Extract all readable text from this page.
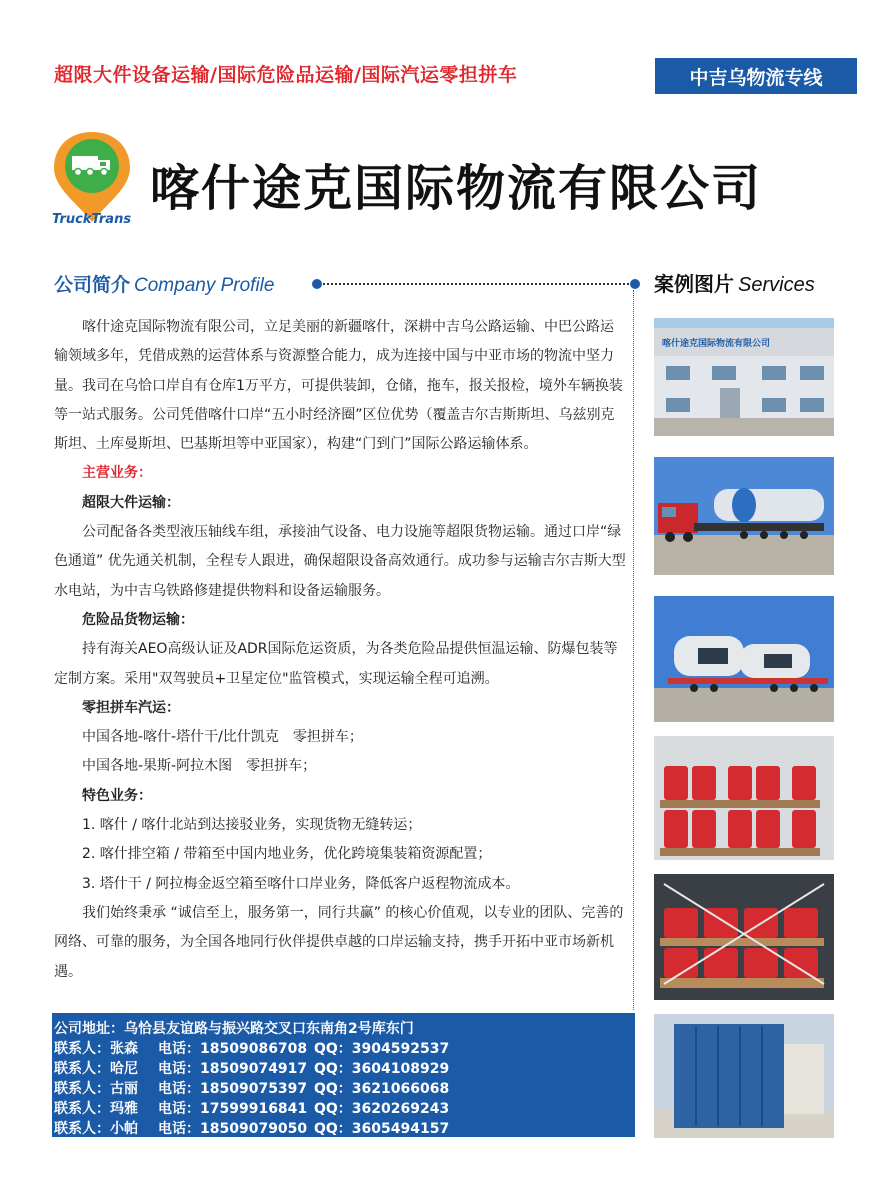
超限大件设备运输/国际危险品运输/国际汽运零担拼车	中吉乌物流专线
TruckTrans
喀什途克国际物流有限公司
公司简介 Company Profile	案例图片 Services

喀什途克国际物流有限公司，立足美丽的新疆喀什，深耕中吉乌公路运输、中巴公路运输领域多年，凭借成熟的运营体系与资源整合能力，成为连接中国与中亚市场的物流中坚力量。我司在乌恰口岸自有仓库1万平方，可提供装卸，仓储，拖车，报关报检，境外车辆换装等一站式服务。公司凭借喀什口岸“五小时经济圈”区位优势（覆盖吉尔吉斯斯坦、乌兹别克斯坦、土库曼斯坦、巴基斯坦等中亚国家），构建“门到门”国际公路运输体系。

主营业务：

超限大件运输：

公司配备各类型液压轴线车组，承接油气设备、电力设施等超限货物运输。通过口岸“绿色通道” 优先通关机制，全程专人跟进，确保超限设备高效通行。成功参与运输吉尔吉斯大型水电站，为中吉乌铁路修建提供物料和设备运输服务。

危险品货物运输：

持有海关AEO高级认证及ADR国际危运资质，为各类危险品提供恒温运输、防爆包装等定制方案。采用"双驾驶员+卫星定位"监管模式，实现运输全程可追溯。

零担拼车汽运：

中国各地-喀什-塔什干/比什凯克　零担拼车；

中国各地-果斯-阿拉木图　零担拼车；

特色业务：

1. 喀什 / 喀什北站到达接驳业务，实现货物无缝转运；

2. 喀什排空箱 / 带箱至中国内地业务，优化跨境集装箱资源配置；

3. 塔什干 / 阿拉梅金返空箱至喀什口岸业务，降低客户返程物流成本。

我们始终秉承 “诚信至上，服务第一，同行共赢” 的核心价值观，以专业的团队、完善的网络、可靠的服务，为全国各地同行伙伴提供卓越的口岸运输支持，携手开拓中亚市场新机遇。

公司地址：乌恰县友谊路与振兴路交叉口东南角2号库东门
联系人：张森 电话：18509086708 QQ：3904592537
联系人：哈尼 电话：18509074917 QQ：3604108929
联系人：古丽 电话：18509075397 QQ：3621066068
联系人：玛雅 电话：17599916841 QQ：3620269243
联系人：小帕 电话：18509079050 QQ：3605494157
喀什途克国际物流有限公司
